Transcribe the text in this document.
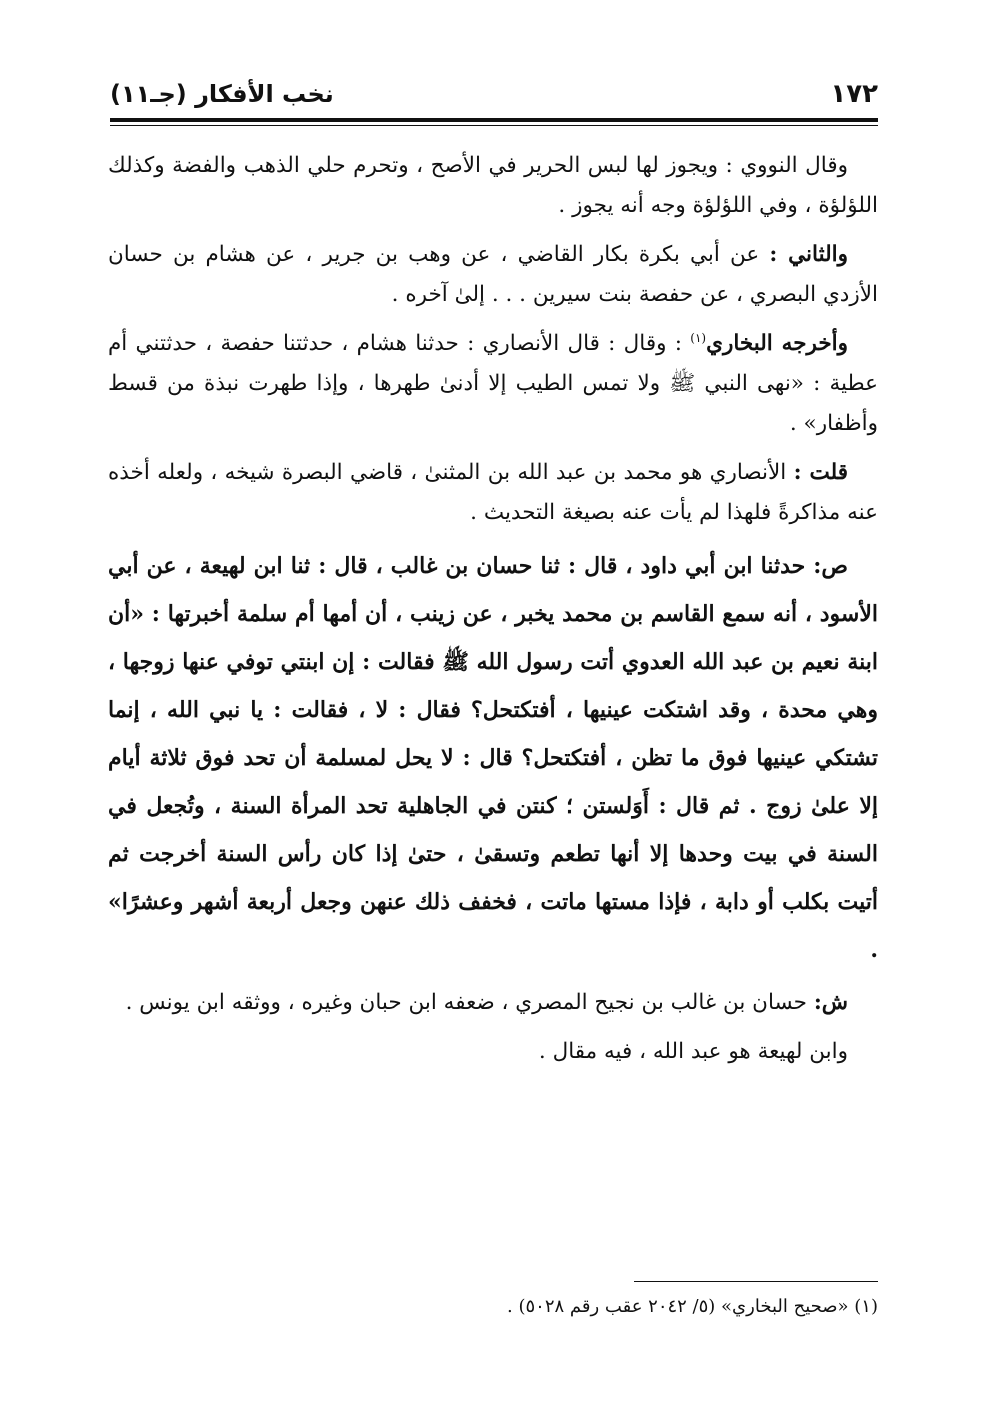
١٧٢
نخب الأفكار (جـ١١)

وقال النووي : ويجوز لها لبس الحرير في الأصح ، وتحرم حلي الذهب والفضة وكذلك اللؤلؤة ، وفي اللؤلؤة وجه أنه يجوز .

والثاني : عن أبي بكرة بكار القاضي ، عن وهب بن جرير ، عن هشام بن حسان الأزدي البصري ، عن حفصة بنت سيرين . . . إلىٰ آخره .

وأخرجه البخاري$^{(١)}$ : وقال : قال الأنصاري : حدثنا هشام ، حدثتنا حفصة ، حدثتني أم عطية : «نهى النبي ﷺ ولا تمس الطيب إلا أدنىٰ طهرها ، وإذا طهرت نبذة من قسط وأظفار» .

قلت : الأنصاري هو محمد بن عبد الله بن المثنىٰ ، قاضي البصرة شيخه ، ولعله أخذه عنه مذاكرةً فلهذا لم يأت عنه بصيغة التحديث .

ص: حدثنا ابن أبي داود ، قال : ثنا حسان بن غالب ، قال : ثنا ابن لهيعة ، عن أبي الأسود ، أنه سمع القاسم بن محمد يخبر ، عن زينب ، أن أمها أم سلمة أخبرتها : «أن ابنة نعيم بن عبد الله العدوي أتت رسول الله ﷺ فقالت : إن ابنتي توفي عنها زوجها ، وهي محدة ، وقد اشتكت عينيها ، أفتكتحل؟ فقال : لا ، فقالت : يا نبي الله ، إنما تشتكي عينيها فوق ما تظن ، أفتكتحل؟ قال : لا يحل لمسلمة أن تحد فوق ثلاثة أيام إلا علىٰ زوج . ثم قال : أَوَلستن ؛ كنتن في الجاهلية تحد المرأة السنة ، وتُجعل في السنة في بيت وحدها إلا أنها تطعم وتسقىٰ ، حتىٰ إذا كان رأس السنة أخرجت ثم أتيت بكلب أو دابة ، فإذا مستها ماتت ، فخفف ذلك عنهن وجعل أربعة أشهر وعشرًا» .

ش: حسان بن غالب بن نجيح المصري ، ضعفه ابن حبان وغيره ، ووثقه ابن يونس .

وابن لهيعة هو عبد الله ، فيه مقال .

(١) «صحيح البخاري» (٥/ ٢٠٤٢ عقب رقم ٥٠٢٨) .
